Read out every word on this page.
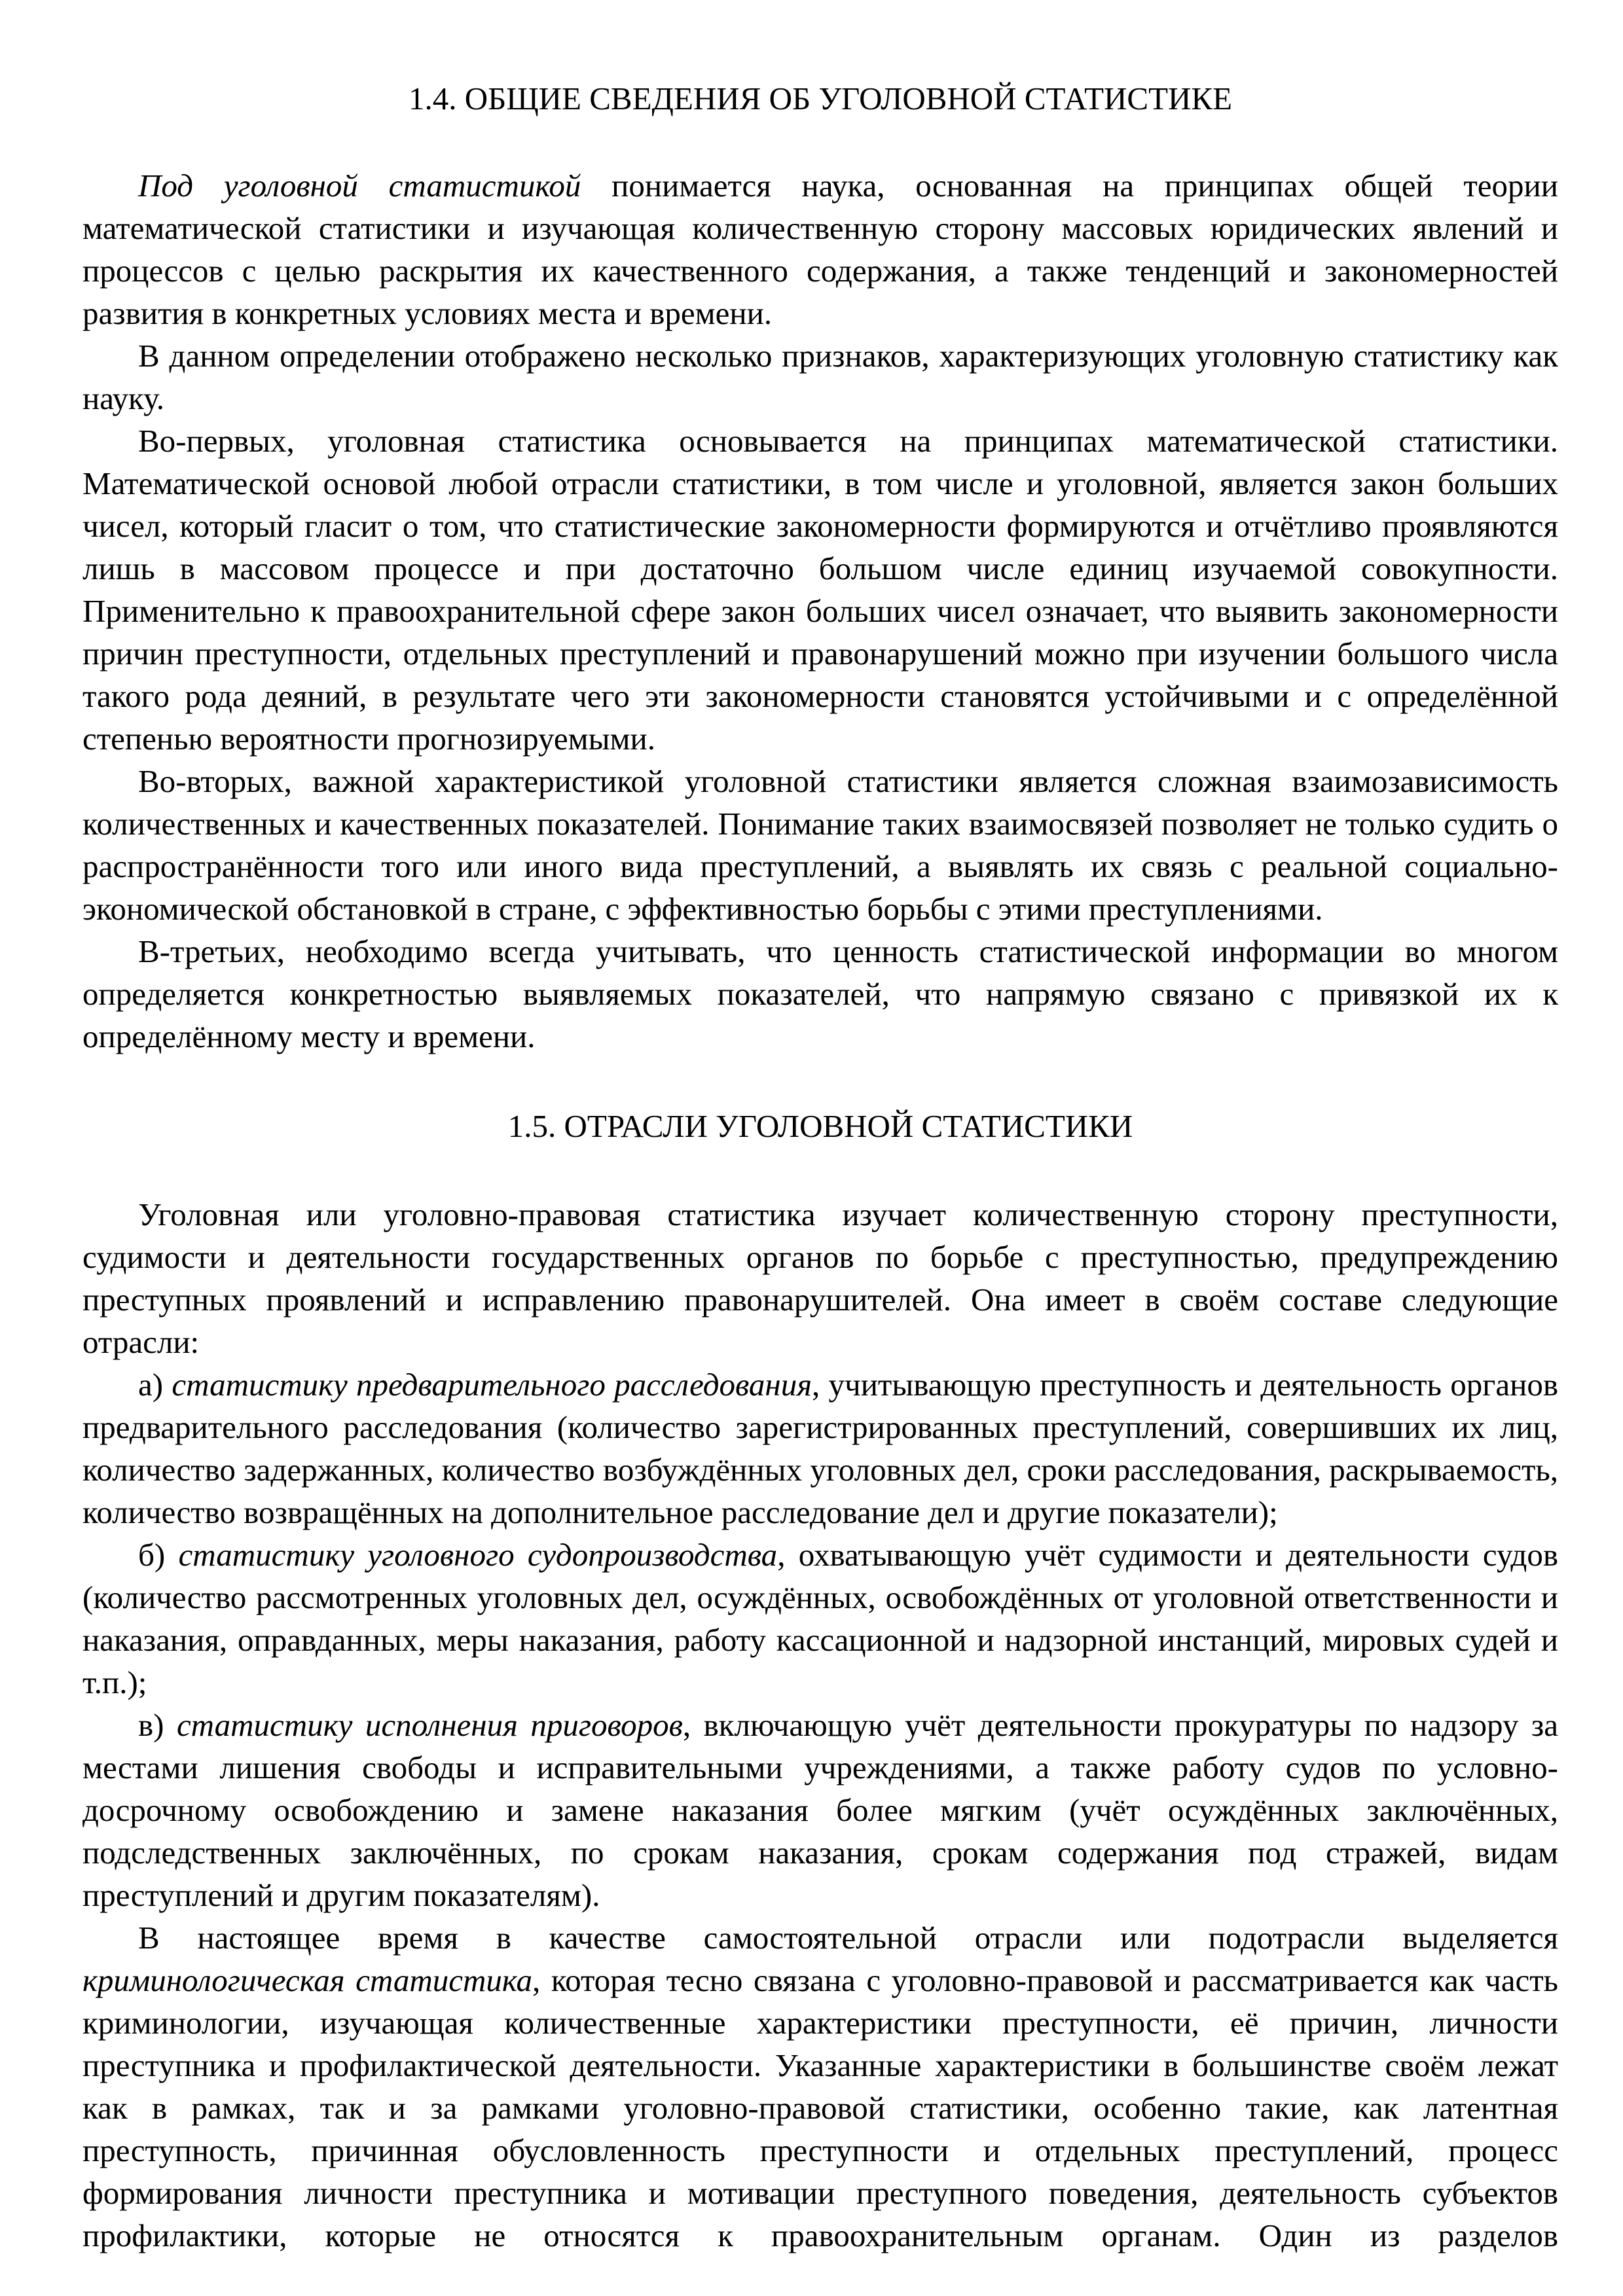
1.4. ОБЩИЕ СВЕДЕНИЯ ОБ УГОЛОВНОЙ СТАТИСТИКЕ

Под уголовной статистикой понимается наука, основанная на принципах общей теории математической статистики и изучающая количественную сторону массовых юридических явлений и процессов с целью раскрытия их качественного содержания, а также тенденций и закономерностей развития в конкретных условиях места и времени.

В данном определении отображено несколько признаков, характеризующих уголовную статистику как науку.

Во-первых, уголовная статистика основывается на принципах математической статистики. Математической основой любой отрасли статистики, в том числе и уголовной, является закон больших чисел, который гласит о том, что статистические закономерности формируются и отчётливо проявляются лишь в массовом процессе и при достаточно большом числе единиц изучаемой совокупности. Применительно к правоохранительной сфере закон больших чисел означает, что выявить закономерности причин преступности, отдельных преступлений и правонарушений можно при изучении большого числа такого рода деяний, в результате чего эти закономерности становятся устойчивыми и с определённой степенью вероятности прогнозируемыми.

Во-вторых, важной характеристикой уголовной статистики является сложная взаимозависимость количественных и качественных показателей. Понимание таких взаимосвязей позволяет не только судить о распространённости того или иного вида преступлений, а выявлять их связь с реальной социально-экономической обстановкой в стране, с эффективностью борьбы с этими преступлениями.

В-третьих, необходимо всегда учитывать, что ценность статистической информации во многом определяется конкретностью выявляемых показателей, что напрямую связано с привязкой их к определённому месту и времени.

1.5. ОТРАСЛИ УГОЛОВНОЙ СТАТИСТИКИ

Уголовная или уголовно-правовая статистика изучает количественную сторону преступности, судимости и деятельности государственных органов по борьбе с преступностью, предупреждению преступных проявлений и исправлению правонарушителей. Она имеет в своём составе следующие отрасли:

а) статистику предварительного расследования, учитывающую преступность и деятельность органов предварительного расследования (количество зарегистрированных преступлений, совершивших их лиц, количество задержанных, количество возбуждённых уголовных дел, сроки расследования, раскрываемость, количество возвращённых на дополнительное расследование дел и другие показатели);

б) статистику уголовного судопроизводства, охватывающую учёт судимости и деятельности судов (количество рассмотренных уголовных дел, осуждённых, освобождённых от уголовной ответственности и наказания, оправданных, меры наказания, работу кассационной и надзорной инстанций, мировых судей и т.п.);

в) статистику исполнения приговоров, включающую учёт деятельности прокуратуры по надзору за местами лишения свободы и исправительными учреждениями, а также работу судов по условно-досрочному освобождению и замене наказания более мягким (учёт осуждённых заключённых, подследственных заключённых, по срокам наказания, срокам содержания под стражей, видам преступлений и другим показателям).

В настоящее время в качестве самостоятельной отрасли или подотрасли выделяется криминологическая статистика, которая тесно связана с уголовно-правовой и рассматривается как часть криминологии, изучающая количественные характеристики преступности, её причин, личности преступника и профилактической деятельности. Указанные характеристики в большинстве своём лежат как в рамках, так и за рамками уголовно-правовой статистики, особенно такие, как латентная преступность, причинная обусловленность преступности и отдельных преступлений, процесс формирования личности преступника и мотивации преступного поведения, деятельность субъектов профилактики, которые не относятся к правоохранительным органам. Один из разделов
